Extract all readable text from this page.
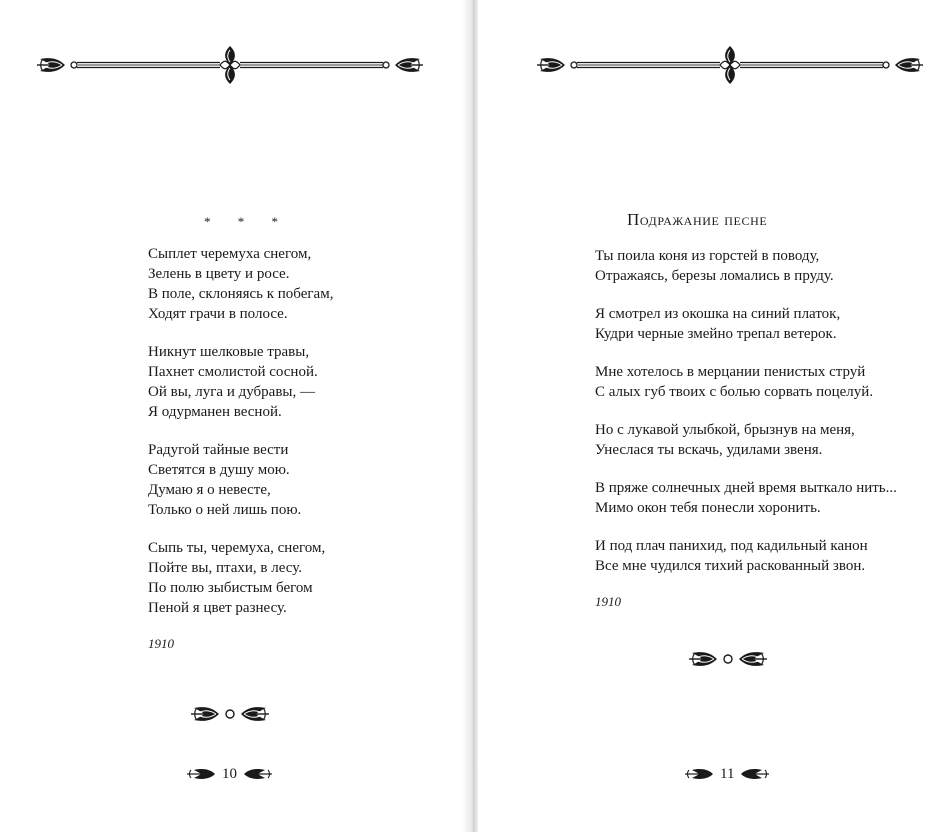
* * *
Сыплет черемуха снегом,
Зелень в цвету и росе.
В поле, склоняясь к побегам,
Ходят грачи в полосе.
Никнут шелковые травы,
Пахнет смолистой сосной.
Ой вы, луга и дубравы, —
Я одурманен весной.
Радугой тайные вести
Светятся в душу мою.
Думаю я о невесте,
Только о ней лишь пою.
Сыпь ты, черемуха, снегом,
Пойте вы, птахи, в лесу.
По полю зыбистым бегом
Пеной я цвет разнесу.
1910
10
Подражание песне
Ты поила коня из горстей в поводу,
Отражаясь, березы ломались в пруду.
Я смотрел из окошка на синий платок,
Кудри черные змейно трепал ветерок.
Мне хотелось в мерцании пенистых струй
С алых губ твоих с болью сорвать поцелуй.
Но с лукавой улыбкой, брызнув на меня,
Унеслася ты вскачь, удилами звеня.
В пряже солнечных дней время выткало нить...
Мимо окон тебя понесли хоронить.
И под плач панихид, под кадильный канон
Все мне чудился тихий раскованный звон.
1910
11
